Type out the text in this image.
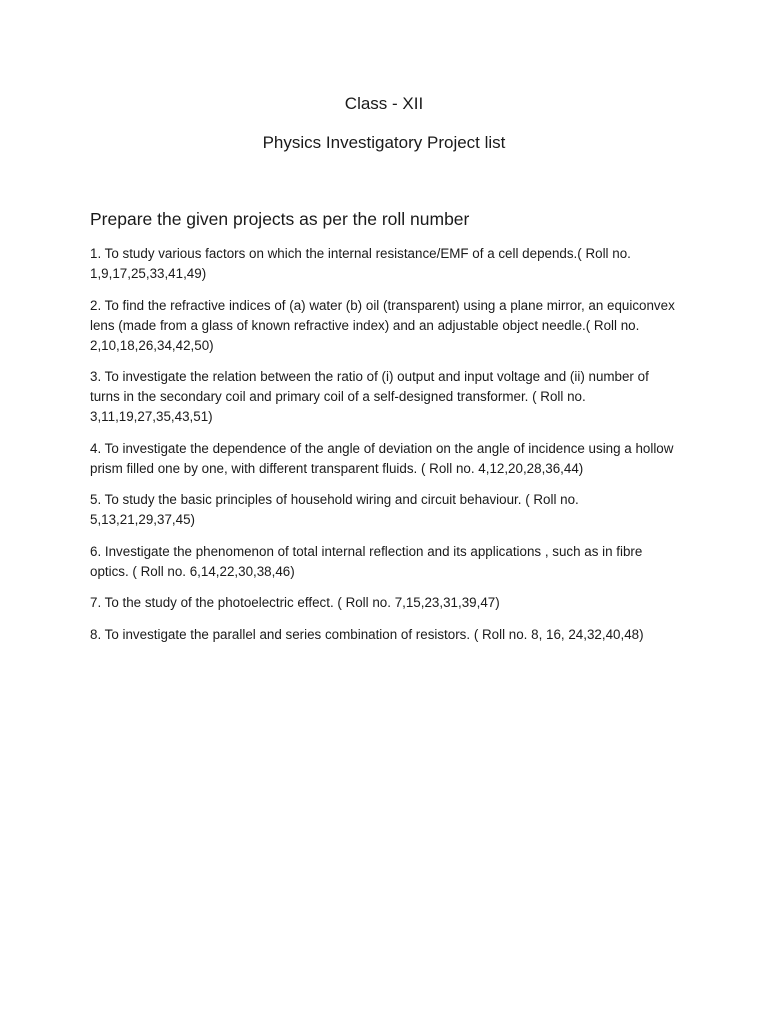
Class - XII
Physics Investigatory Project list
Prepare the given projects as per the roll number
1. To study various factors on which the internal resistance/EMF of a cell depends.( Roll no. 1,9,17,25,33,41,49)
2. To find the refractive indices of (a) water (b) oil (transparent) using a plane mirror, an equiconvex lens (made from a glass of known refractive index) and an adjustable object needle.( Roll no. 2,10,18,26,34,42,50)
3. To investigate the relation between the ratio of (i) output and input voltage and (ii) number of turns in the secondary coil and primary coil of a self-designed transformer. ( Roll no. 3,11,19,27,35,43,51)
4. To investigate the dependence of the angle of deviation on the angle of incidence using a hollow prism filled one by one, with different transparent fluids. ( Roll no. 4,12,20,28,36,44)
5. To study the basic principles of household wiring and circuit behaviour. ( Roll no. 5,13,21,29,37,45)
6. Investigate the phenomenon of total internal reflection and its applications , such as in fibre optics. ( Roll no. 6,14,22,30,38,46)
7. To the study of the photoelectric effect. ( Roll no. 7,15,23,31,39,47)
8. To investigate the parallel and series combination of resistors. ( Roll no. 8, 16, 24,32,40,48)
